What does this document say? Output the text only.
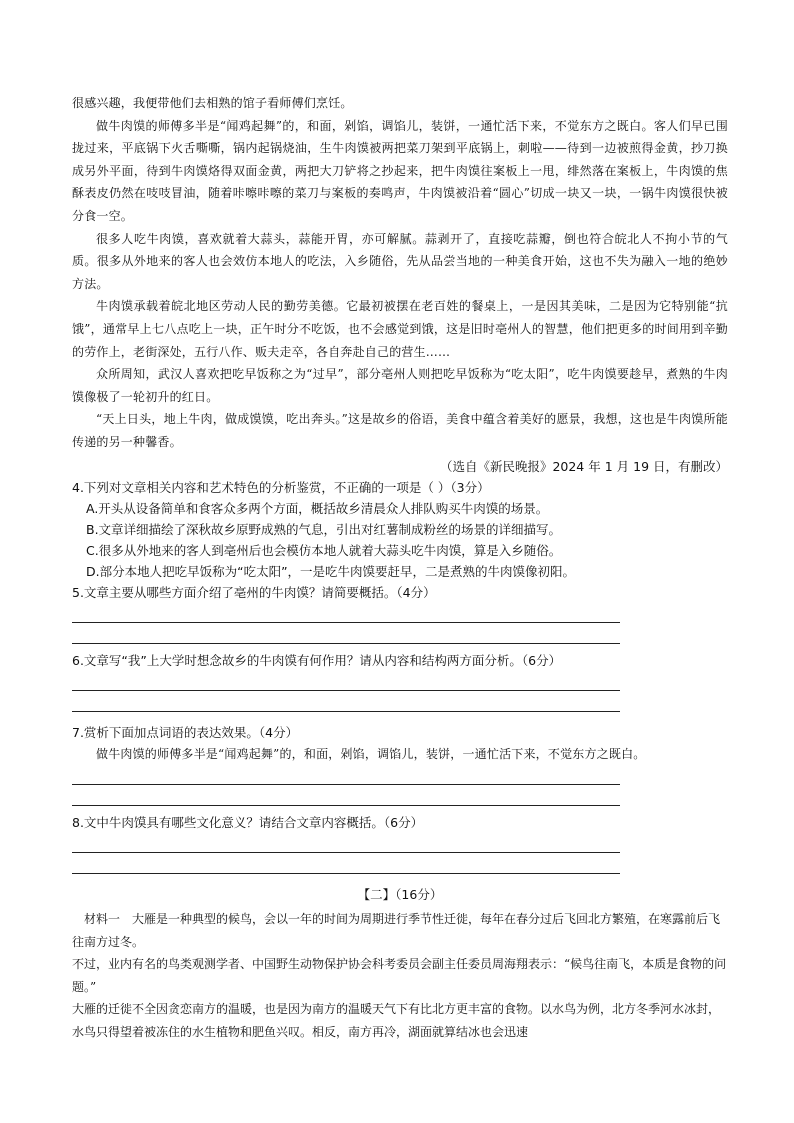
很感兴趣，我便带他们去相熟的馆子看师傅们烹饪。

做牛肉馍的师傅多半是“闻鸡起舞”的，和面，剁馅，调馅儿，装饼，一通忙活下来，不觉东方之既白。客人们早已围拢过来，平底锅下火舌嘶嘶，锅内起锅烧油，生牛肉馍被两把菜刀架到平底锅上，刺啦——待到一边被煎得金黄，抄刀换成另外平面，待到牛肉馍烙得双面金黄，两把大刀铲将之抄起来，把牛肉馍往案板上一甩，绯然落在案板上，牛肉馍的焦酥表皮仍然在吱吱冒油，随着咔嚓咔嚓的菜刀与案板的奏鸣声，牛肉馍被沿着“圆心”切成一块又一块，一锅牛肉馍很快被分食一空。

很多人吃牛肉馍，喜欢就着大蒜头，蒜能开胃，亦可解腻。蒜剥开了，直接吃蒜瓣，倒也符合皖北人不拘小节的气质。很多从外地来的客人也会效仿本地人的吃法，入乡随俗，先从品尝当地的一种美食开始，这也不失为融入一地的绝妙方法。

牛肉馍承载着皖北地区劳动人民的勤劳美德。它最初被摆在老百姓的餐桌上，一是因其美味，二是因为它特别能“抗饿”，通常早上七八点吃上一块，正午时分不吃饭，也不会感觉到饿，这是旧时亳州人的智慧，他们把更多的时间用到辛勤的劳作上，老街深处，五行八作、贩夫走卒，各自奔赴自己的营生……

众所周知，武汉人喜欢把吃早饭称之为“过早”，部分亳州人则把吃早饭称为“吃太阳”，吃牛肉馍要趁早，煮熟的牛肉馍像极了一轮初升的红日。

“天上日头，地上牛肉，做成馍馍，吃出奔头。”这是故乡的俗语，美食中蕴含着美好的愿景，我想，这也是牛肉馍所能传递的另一种馨香。

（选自《新民晚报》2024 年 1 月 19 日，有删改）

4.下列对文章相关内容和艺术特色的分析鉴赏，不正确的一项是（ ）（3分）

A.开头从设备简单和食客众多两个方面，概括故乡清晨众人排队购买牛肉馍的场景。

B.文章详细描绘了深秋故乡原野成熟的气息，引出对红薯制成粉丝的场景的详细描写。

C.很多从外地来的客人到亳州后也会模仿本地人就着大蒜头吃牛肉馍，算是入乡随俗。

D.部分本地人把吃早饭称为“吃太阳”，一是吃牛肉馍要赶早，二是煮熟的牛肉馍像初阳。

5.文章主要从哪些方面介绍了亳州的牛肉馍？请简要概括。（4分）

6.文章写“我”上大学时想念故乡的牛肉馍有何作用？请从内容和结构两方面分析。（6分）

7.赏析下面加点词语的表达效果。（4分）

做牛肉馍的师傅多半是“闻鸡起舞”的，和面，剁馅，调馅儿，装饼，一通忙活下来，不觉东方之既白。

8.文中牛肉馍具有哪些文化意义？请结合文章内容概括。（6分）

【二】（16分）

材料一　大雁是一种典型的候鸟，会以一年的时间为周期进行季节性迁徙，每年在春分过后飞回北方繁殖，在寒露前后飞往南方过冬。

不过，业内有名的鸟类观测学者、中国野生动物保护协会科考委员会副主任委员周海翔表示：“候鸟往南飞，本质是食物的问题。”

大雁的迁徙不全因贪恋南方的温暖，也是因为南方的温暖天气下有比北方更丰富的食物。以水鸟为例，北方冬季河水冰封，水鸟只得望着被冻住的水生植物和肥鱼兴叹。相反，南方再冷，湖面就算结冰也会迅速
